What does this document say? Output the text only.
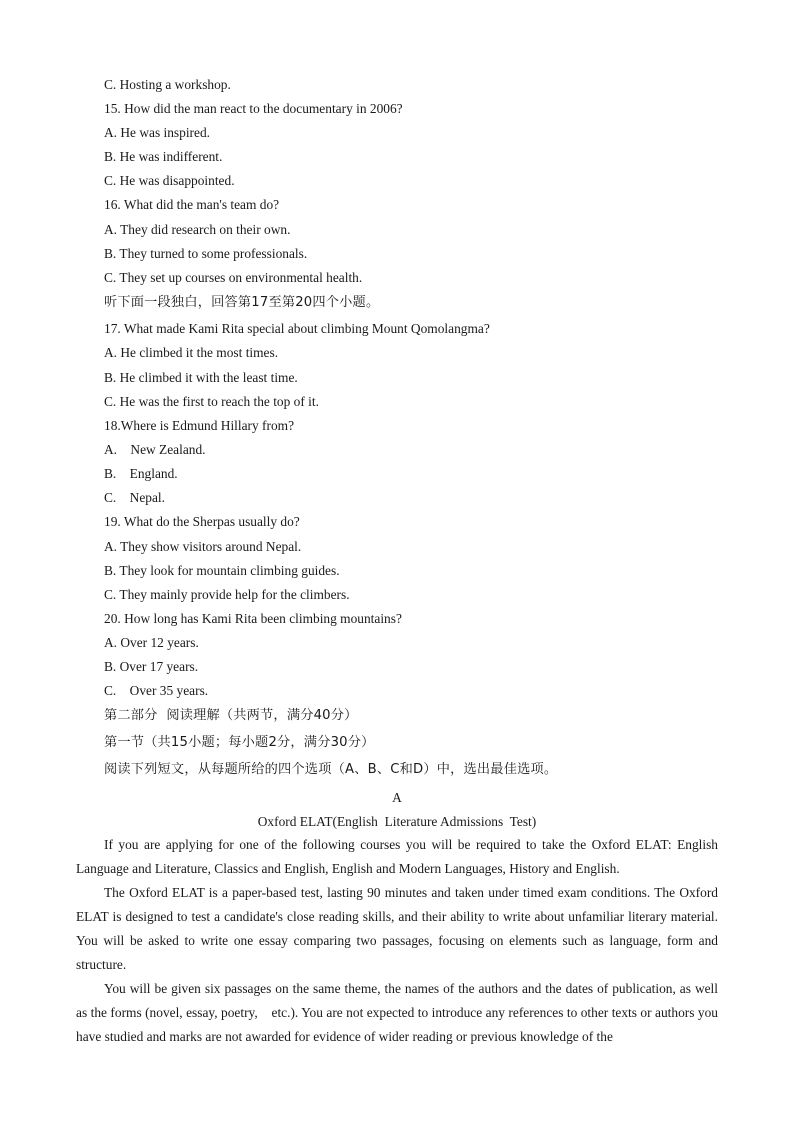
C. Hosting a workshop.
15. How did the man react to the documentary in 2006?
A. He was inspired.
B. He was indifferent.
C. He was disappointed.
16. What did the man's team do?
A. They did research on their own.
B. They turned to some professionals.
C. They set up courses on environmental health.
听下面一段独白，回答第17至第20四个小题。
17. What made Kami Rita special about climbing Mount Qomolangma?
A. He climbed it the most times.
B. He climbed it with the least time.
C. He was the first to reach the top of it.
18.Where is Edmund Hillary from?
A.    New Zealand.
B.    England.
C.    Nepal.
19. What do the Sherpas usually do?
A. They show visitors around Nepal.
B. They look for mountain climbing guides.
C. They mainly provide help for the climbers.
20. How long has Kami Rita been climbing mountains?
A. Over 12 years.
B. Over 17 years.
C.    Over 35 years.
第二部分  阅读理解（共两节，满分40分）
第一节（共15小题；每小题2分，满分30分）
阅读下列短文，从每题所给的四个选项（A、B、C和D）中，选出最佳选项。
A
Oxford ELAT(English  Literature Admissions  Test)
If you are applying for one of the following courses you will be required to take the Oxford ELAT: English Language and Literature, Classics and English, English and Modern Languages, History and English.
The Oxford ELAT is a paper-based test, lasting 90 minutes and taken under timed exam conditions. The Oxford ELAT is designed to test a candidate's close reading skills, and their ability to write about unfamiliar literary material. You will be asked to write one essay comparing two passages, focusing on elements such as language, form and structure.
You will be given six passages on the same theme, the names of the authors and the dates of publication, as well as the forms (novel, essay, poetry,    etc.). You are not expected to introduce any references to other texts or authors you have studied and marks are not awarded for evidence of wider reading or previous knowledge of the
